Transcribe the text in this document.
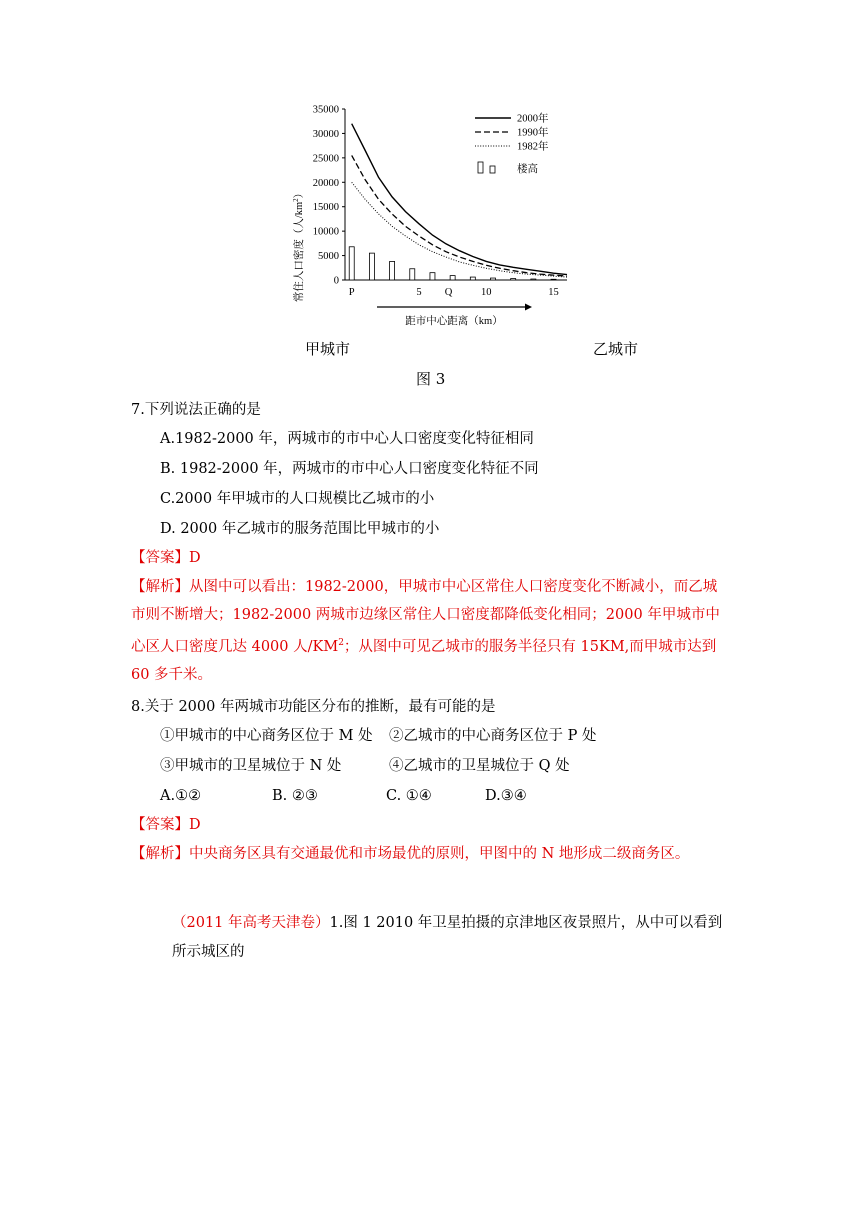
0
5000
10000
15000
20000
25000
30000
35000
P	5 Q	10	15
2000年
1990年
1982年
楼高
常住人口密度（人$/km^2$）
距市中心距离（km）
甲城市	乙城市
图 3
7.下列说法正确的是
A.1982-2000 年，两城市的市中心人口密度变化特征相同
B. 1982-2000 年，两城市的市中心人口密度变化特征不同
C.2000 年甲城市的人口规模比乙城市的小
D. 2000 年乙城市的服务范围比甲城市的小
【答案】D
【解析】从图中可以看出：1982-2000，甲城市中心区常住人口密度变化不断减小，而乙城市则不断增大；1982-2000 两城市边缘区常住人口密度都降低变化相同；2000 年甲城市中心区人口密度几达 4000 人$/KM^2$；从图中可见乙城市的服务半径只有 15KM,而甲城市达到 60 多千米。
8.关于 2000 年两城市功能区分布的推断，最有可能的是
①甲城市的中心商务区位于 M 处 ②乙城市的中心商务区位于 P 处
③甲城市的卫星城位于 N 处	④乙城市的卫星城位于 Q 处
A.①②	B. ②③	C. ①④	D.③④
【答案】D
【解析】中央商务区具有交通最优和市场最优的原则，甲图中的 N 地形成二级商务区。
（2011 年高考天津卷）1.图 1 2010 年卫星拍摄的京津地区夜景照片，从中可以看到
所示城区的
